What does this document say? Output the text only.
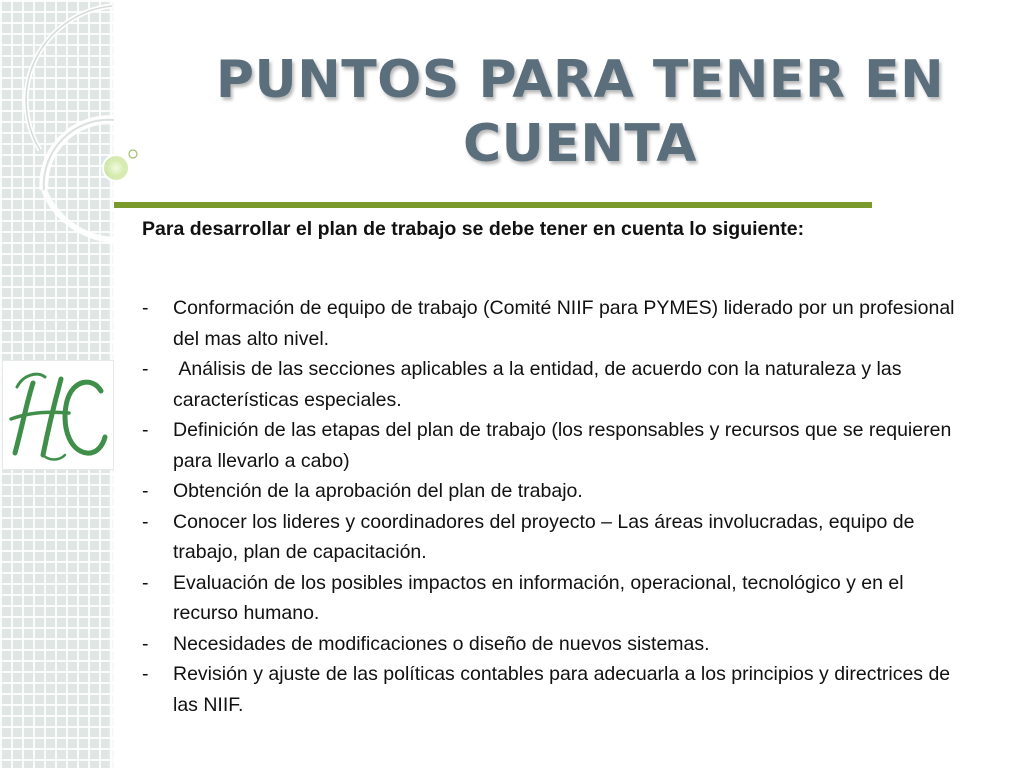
PUNTOS PARA TENER EN CUENTA

Para desarrollar el plan de trabajo se debe tener en cuenta lo siguiente:

- Conformación de equipo de trabajo (Comité NIIF para PYMES) liderado por un profesional del mas alto nivel.
- Análisis de las secciones aplicables a la entidad, de acuerdo con la naturaleza y las características especiales.
- Definición de las etapas del plan de trabajo (los responsables y recursos que se requieren para llevarlo a cabo)
- Obtención de la aprobación del plan de trabajo.
- Conocer los lideres y coordinadores del proyecto – Las áreas involucradas, equipo de trabajo, plan de capacitación.
- Evaluación de los posibles impactos en información, operacional, tecnológico y en el recurso humano.
- Necesidades de modificaciones o diseño de nuevos sistemas.
- Revisión y ajuste de las políticas contables para adecuarla a los principios y directrices de las NIIF.
